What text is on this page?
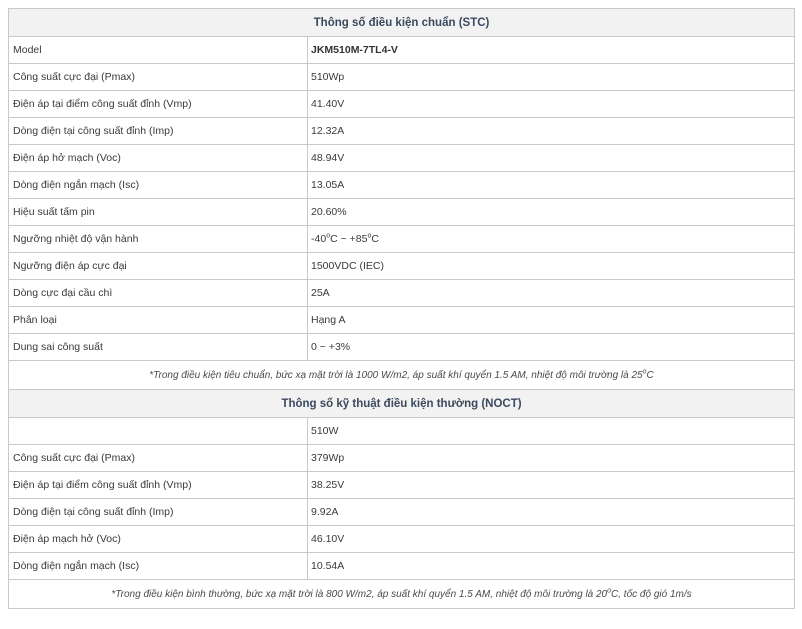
Thông số điều kiện chuẩn (STC)	
Model	JKM510M-7TL4-V
Công suất cực đại (Pmax)	510Wp
Điện áp tại điểm công suất đỉnh (Vmp)	41.40V
Dòng điện tại công suất đỉnh (Imp)	12.32A
Điện áp hở mạch (Voc)	48.94V
Dòng điện ngắn mạch (Isc)	13.05A
Hiệu suất tấm pin	20.60%
Ngưỡng nhiệt độ vận hành	-40$^o$C ~ $+85^oC$
Ngưỡng điện áp cực đại	1500VDC (IEC)
Dòng cực đại cầu chì	25A
Phân loại	Hạng A
Dung sai công suất	0 ~ +3%
*Trong điều kiện tiêu chuẩn, bức xạ mặt trời là 1000 W/m2, áp suất khí quyển 1.5 AM, nhiệt độ môi trường là 25$^o$C	
Thông số kỹ thuật điều kiện thường (NOCT)	
	510W
Công suất cực đại (Pmax)	379Wp
Điện áp tại điểm công suất đỉnh (Vmp)	38.25V
Dòng điện tại công suất đỉnh (Imp)	9.92A
Điện áp mạch hở (Voc)	46.10V
Dòng điện ngắn mạch (Isc)	10.54A
*Trong điều kiện bình thường, bức xạ mặt trời là 800 W/m2, áp suất khí quyển 1.5 AM, nhiệt độ môi trường là 20$^o$C, tốc độ gió 1m/s	
